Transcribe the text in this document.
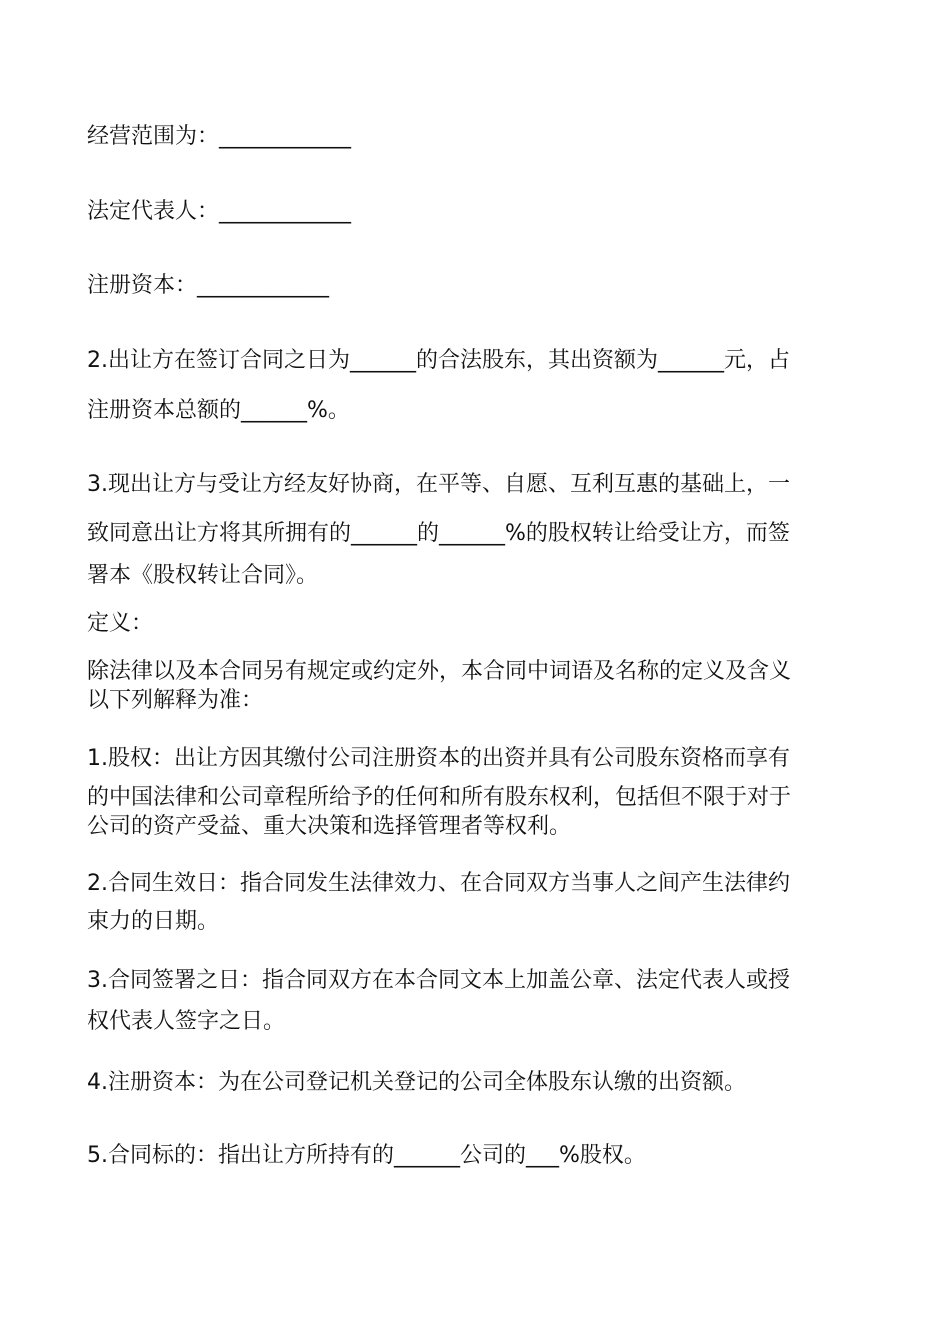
经营范围为：____________
法定代表人：____________
注册资本：____________
2.出让方在签订合同之日为______的合法股东，其出资额为______元，占
注册资本总额的______%。
3.现出让方与受让方经友好协商，在平等、自愿、互利互惠的基础上，一
致同意出让方将其所拥有的______的______%的股权转让给受让方，而签
署本《股权转让合同》。
定义：
除法律以及本合同另有规定或约定外，本合同中词语及名称的定义及含义
以下列解释为准：
1.股权：出让方因其缴付公司注册资本的出资并具有公司股东资格而享有
的中国法律和公司章程所给予的任何和所有股东权利，包括但不限于对于
公司的资产受益、重大决策和选择管理者等权利。
2.合同生效日：指合同发生法律效力、在合同双方当事人之间产生法律约
束力的日期。
3.合同签署之日：指合同双方在本合同文本上加盖公章、法定代表人或授
权代表人签字之日。
4.注册资本：为在公司登记机关登记的公司全体股东认缴的出资额。
5.合同标的：指出让方所持有的______公司的___%股权。
